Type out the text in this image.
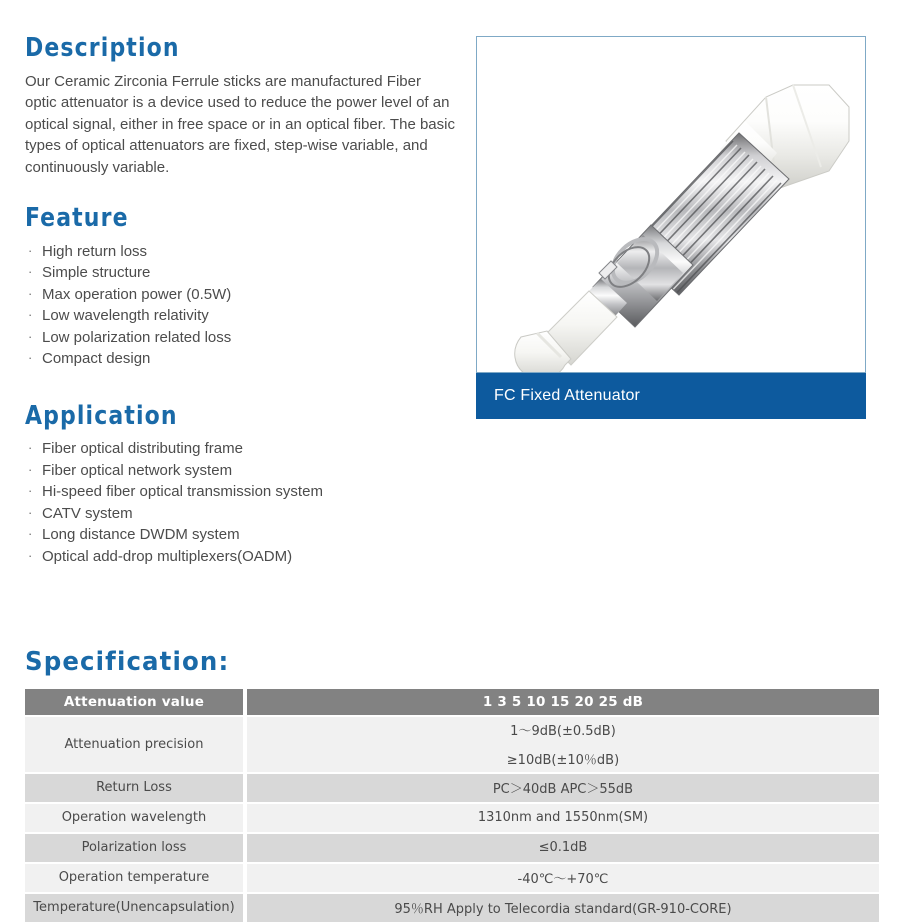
Description

Our Ceramic Zirconia Ferrule sticks are manufactured Fiber optic attenuator is a device used to reduce the power level of an optical signal, either in free space or in an optical fiber. The basic types of optical attenuators are fixed, step-wise variable, and continuously variable.

Feature
· High return loss
· Simple structure
· Max operation power (0.5W)
· Low wavelength relativity
· Low polarization related loss
· Compact design
Application
· Fiber optical distributing frame
· Fiber optical network system
· Hi-speed fiber optical transmission system
· CATV system
· Long distance DWDM system
· Optical add-drop multiplexers(OADM)
FC Fixed Attenuator
Specification:
Attenuation value	1 3 5 10 15 20 25 dB

Attenuation precision	1〜9dB(±0.5dB)
≥10dB(±10％dB)

Return Loss	PC＞40dB APC＞55dB

Operation wavelength	1310nm and 1550nm(SM)

Polarization loss	≤0.1dB

Operation temperature	-40℃〜+70℃

Temperature(Unencapsulation)	95％RH Apply to Telecordia standard(GR-910-CORE)
